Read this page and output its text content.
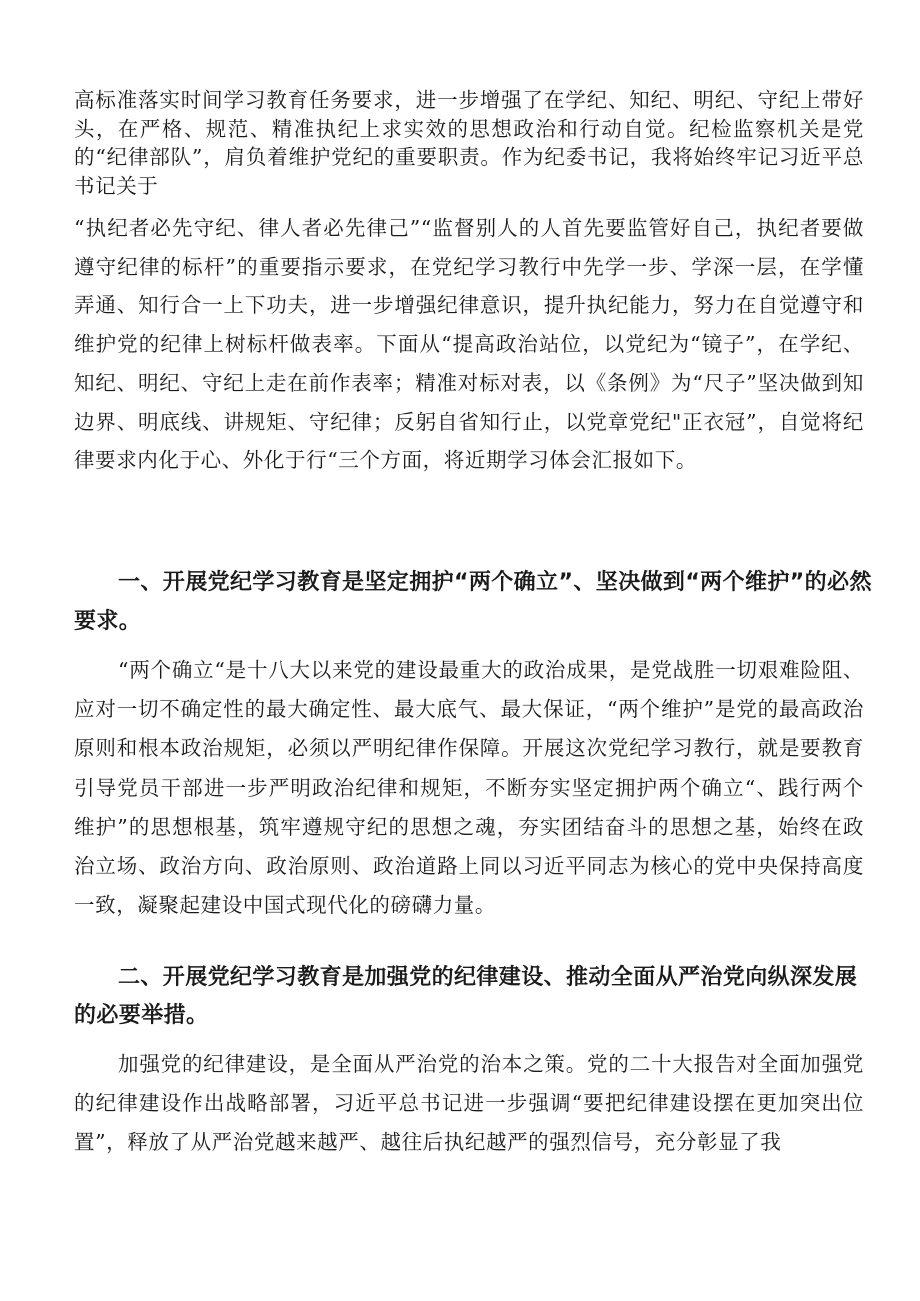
高标准落实时间学习教育任务要求，进一步增强了在学纪、知纪、明纪、守纪上带好头，在严格、规范、精准执纪上求实效的思想政治和行动自觉。纪检监察机关是党的“纪律部队”，肩负着维护党纪的重要职责。作为纪委书记，我将始终牢记习近平总书记关于

“执纪者必先守纪、律人者必先律己”“监督别人的人首先要监管好自己，执纪者要做遵守纪律的标杆”的重要指示要求，在党纪学习教行中先学一步、学深一层，在学懂弄通、知行合一上下功夫，进一步增强纪律意识，提升执纪能力，努力在自觉遵守和维护党的纪律上树标杆做表率。下面从“提高政治站位，以党纪为“镜子”，在学纪、知纪、明纪、守纪上走在前作表率；精准对标对表，以《条例》为“尺子”坚决做到知边界、明底线、讲规矩、守纪律；反躬自省知行止，以党章党纪"正衣冠”，自觉将纪律要求内化于心、外化于行“三个方面，将近期学习体会汇报如下。

一、开展党纪学习教育是坚定拥护“两个确立”、坚决做到“两个维护”的必然要求。

“两个确立“是十八大以来党的建设最重大的政治成果，是党战胜一切艰难险阻、应对一切不确定性的最大确定性、最大底气、最大保证，“两个维护”是党的最高政治原则和根本政治规矩，必须以严明纪律作保障。开展这次党纪学习教行，就是要教育引导党员干部进一步严明政治纪律和规矩，不断夯实坚定拥护两个确立“、践行两个维护”的思想根基，筑牢遵规守纪的思想之魂，夯实团结奋斗的思想之基，始终在政治立场、政治方向、政治原则、政治道路上同以习近平同志为核心的党中央保持高度一致，凝聚起建设中国式现代化的磅礴力量。

二、开展党纪学习教育是加强党的纪律建设、推动全面从严治党向纵深发展的必要举措。

加强党的纪律建设，是全面从严治党的治本之策。党的二十大报告对全面加强党的纪律建设作出战略部署，习近平总书记进一步强调“要把纪律建设摆在更加突出位置”，释放了从严治党越来越严、越往后执纪越严的强烈信号，充分彰显了我
